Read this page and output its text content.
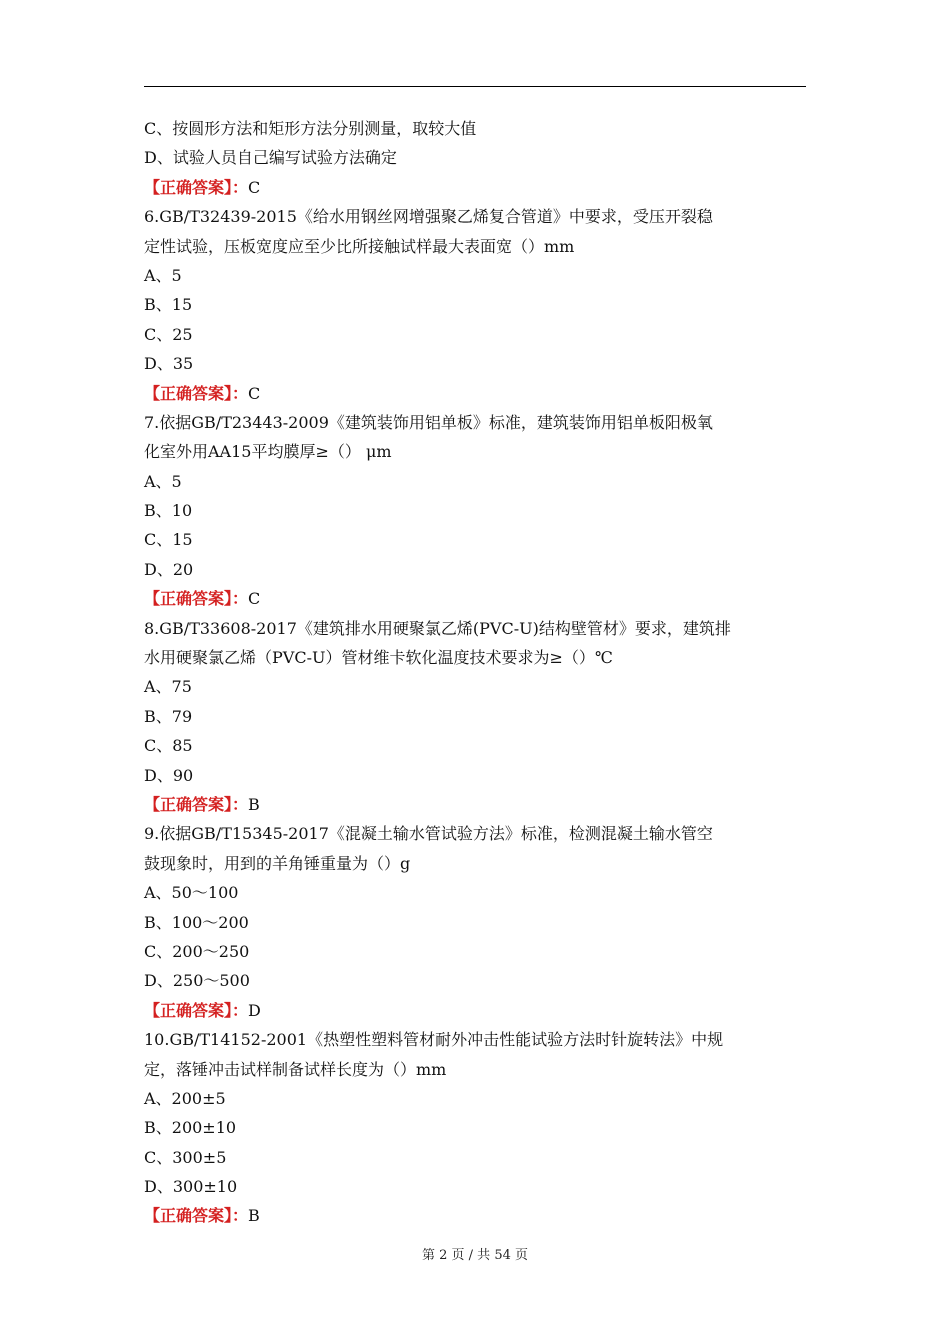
C、按圆形方法和矩形方法分别测量，取较大值
D、试验人员自己编写试验方法确定
【正确答案】：C
6.GB/T32439-2015《给水用钢丝网增强聚乙烯复合管道》中要求，受压开裂稳
定性试验，压板宽度应至少比所接触试样最大表面宽（）mm
A、5
B、15
C、25
D、35
【正确答案】：C
7.依据GB/T23443-2009《建筑装饰用铝单板》标准，建筑装饰用铝单板阳极氧
化室外用AA15平均膜厚≥（） μm
A、5
B、10
C、15
D、20
【正确答案】：C
8.GB/T33608-2017《建筑排水用硬聚氯乙烯(PVC-U)结构壁管材》要求，建筑排
水用硬聚氯乙烯（PVC-U）管材维卡软化温度技术要求为≥（）℃
A、75
B、79
C、85
D、90
【正确答案】：B
9.依据GB/T15345-2017《混凝土输水管试验方法》标准，检测混凝土输水管空
鼓现象时，用到的羊角锤重量为（）g
A、50～100
B、100～200
C、200～250
D、250～500
【正确答案】：D
10.GB/T14152-2001《热塑性塑料管材耐外冲击性能试验方法时针旋转法》中规
定，落锤冲击试样制备试样长度为（）mm
A、200±5
B、200±10
C、300±5
D、300±10
【正确答案】：B
第 2 页 / 共 54 页
